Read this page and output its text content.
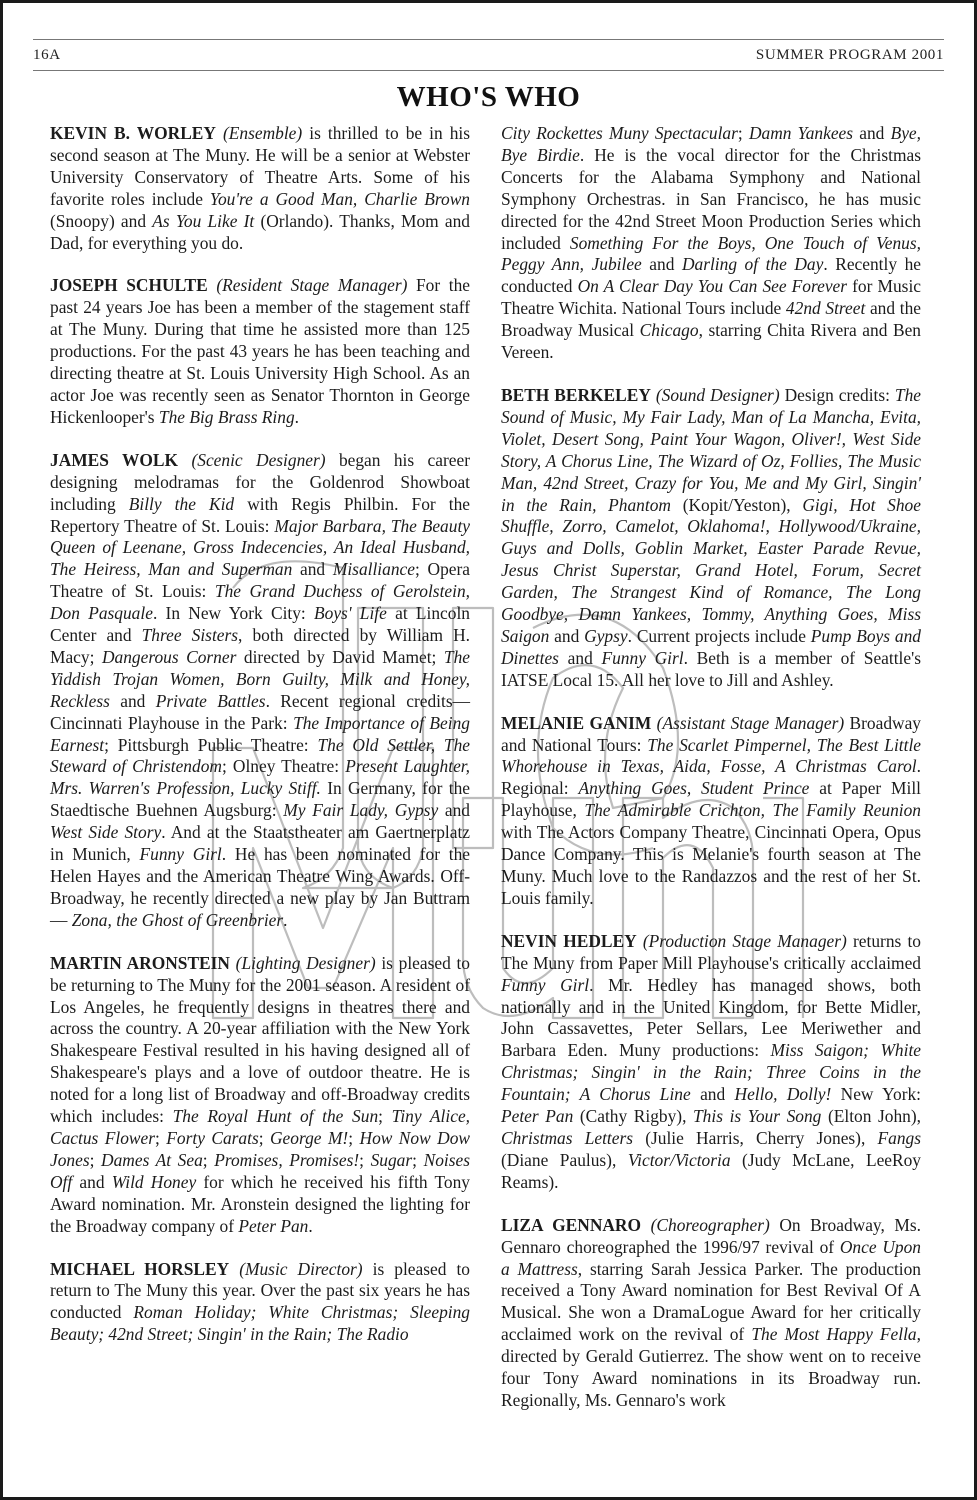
16A	SUMMER PROGRAM 2001
WHO'S WHO

KEVIN B. WORLEY (Ensemble) is thrilled to be in his second season at The Muny. He will be a senior at Webster University Conservatory of Theatre Arts. Some of his favorite roles include You're a Good Man, Charlie Brown (Snoopy) and As You Like It (Orlando). Thanks, Mom and Dad, for everything you do.

JOSEPH SCHULTE (Resident Stage Manager) For the past 24 years Joe has been a member of the stagement staff at The Muny. During that time he assisted more than 125 productions. For the past 43 years he has been teaching and directing theatre at St. Louis University High School. As an actor Joe was recently seen as Senator Thornton in George Hickenlooper's The Big Brass Ring.

JAMES WOLK (Scenic Designer) began his career designing melodramas for the Goldenrod Showboat including Billy the Kid with Regis Philbin. For the Repertory Theatre of St. Louis: Major Barbara, The Beauty Queen of Leenane, Gross Indecencies, An Ideal Husband, The Heiress, Man and Superman and Misalliance; Opera Theatre of St. Louis: The Grand Duchess of Gerolstein, Don Pasquale. In New York City: Boys' Life at Lincoln Center and Three Sisters, both directed by William H. Macy; Dangerous Corner directed by David Mamet; The Yiddish Trojan Women, Born Guilty, Milk and Honey, Reckless and Private Battles. Recent regional credits— Cincinnati Playhouse in the Park: The Importance of Being Earnest; Pittsburgh Public Theatre: The Old Settler, The Steward of Christendom; Olney Theatre: Present Laughter, Mrs. Warren's Profession, Lucky Stiff. In Germany, for the Staedtische Buehnen Augsburg: My Fair Lady, Gypsy and West Side Story. And at the Staatstheater am Gaertnerplatz in Munich, Funny Girl. He has been nominated for the Helen Hayes and the American Theatre Wing Awards. Off-Broadway, he recently directed a new play by Jan Buttram— Zona, the Ghost of Greenbrier.

MARTIN ARONSTEIN (Lighting Designer) is pleased to be returning to The Muny for the 2001 season. A resident of Los Angeles, he frequently designs in theatres there and across the country. A 20-year affiliation with the New York Shakespeare Festival resulted in his having designed all of Shakespeare's plays and a love of outdoor theatre. He is noted for a long list of Broadway and off-Broadway credits which includes: The Royal Hunt of the Sun; Tiny Alice, Cactus Flower; Forty Carats; George M!; How Now Dow Jones; Dames At Sea; Promises, Promises!; Sugar; Noises Off and Wild Honey for which he received his fifth Tony Award nomination. Mr. Aronstein designed the lighting for the Broadway company of Peter Pan.

MICHAEL HORSLEY (Music Director) is pleased to return to The Muny this year. Over the past six years he has conducted Roman Holiday; White Christmas; Sleeping Beauty; 42nd Street; Singin' in the Rain; The Radio

City Rockettes Muny Spectacular; Damn Yankees and Bye, Bye Birdie. He is the vocal director for the Christmas Concerts for the Alabama Symphony and National Symphony Orchestras. in San Francisco, he has music directed for the 42nd Street Moon Production Series which included Something For the Boys, One Touch of Venus, Peggy Ann, Jubilee and Darling of the Day. Recently he conducted On A Clear Day You Can See Forever for Music Theatre Wichita. National Tours include 42nd Street and the Broadway Musical Chicago, starring Chita Rivera and Ben Vereen.

BETH BERKELEY (Sound Designer) Design credits: The Sound of Music, My Fair Lady, Man of La Mancha, Evita, Violet, Desert Song, Paint Your Wagon, Oliver!, West Side Story, A Chorus Line, The Wizard of Oz, Follies, The Music Man, 42nd Street, Crazy for You, Me and My Girl, Singin' in the Rain, Phantom (Kopit/Yeston), Gigi, Hot Shoe Shuffle, Zorro, Camelot, Oklahoma!, Hollywood/Ukraine, Guys and Dolls, Goblin Market, Easter Parade Revue, Jesus Christ Superstar, Grand Hotel, Forum, Secret Garden, The Strangest Kind of Romance, The Long Goodbye, Damn Yankees, Tommy, Anything Goes, Miss Saigon and Gypsy. Current projects include Pump Boys and Dinettes and Funny Girl. Beth is a member of Seattle's IATSE Local 15. All her love to Jill and Ashley.

MELANIE GANIM (Assistant Stage Manager) Broadway and National Tours: The Scarlet Pimpernel, The Best Little Whorehouse in Texas, Aida, Fosse, A Christmas Carol. Regional: Anything Goes, Student Prince at Paper Mill Playhouse, The Admirable Crichton, The Family Reunion with The Actors Company Theatre, Cincinnati Opera, Opus Dance Company. This is Melanie's fourth season at The Muny. Much love to the Randazzos and the rest of her St. Louis family.

NEVIN HEDLEY (Production Stage Manager) returns to The Muny from Paper Mill Playhouse's critically acclaimed Funny Girl. Mr. Hedley has managed shows, both nationally and in the United Kingdom, for Bette Midler, John Cassavettes, Peter Sellars, Lee Meriwether and Barbara Eden. Muny productions: Miss Saigon; White Christmas; Singin' in the Rain; Three Coins in the Fountain; A Chorus Line and Hello, Dolly! New York: Peter Pan (Cathy Rigby), This is Your Song (Elton John), Christmas Letters (Julie Harris, Cherry Jones), Fangs (Diane Paulus), Victor/Victoria (Judy McLane, LeeRoy Reams).

LIZA GENNARO (Choreographer) On Broadway, Ms. Gennaro choreographed the 1996/97 revival of Once Upon a Mattress, starring Sarah Jessica Parker. The production received a Tony Award nomination for Best Revival Of A Musical. She won a DramaLogue Award for her critically acclaimed work on the revival of The Most Happy Fella, directed by Gerald Gutierrez. The show went on to receive four Tony Award nominations in its Broadway run. Regionally, Ms. Gennaro's work
